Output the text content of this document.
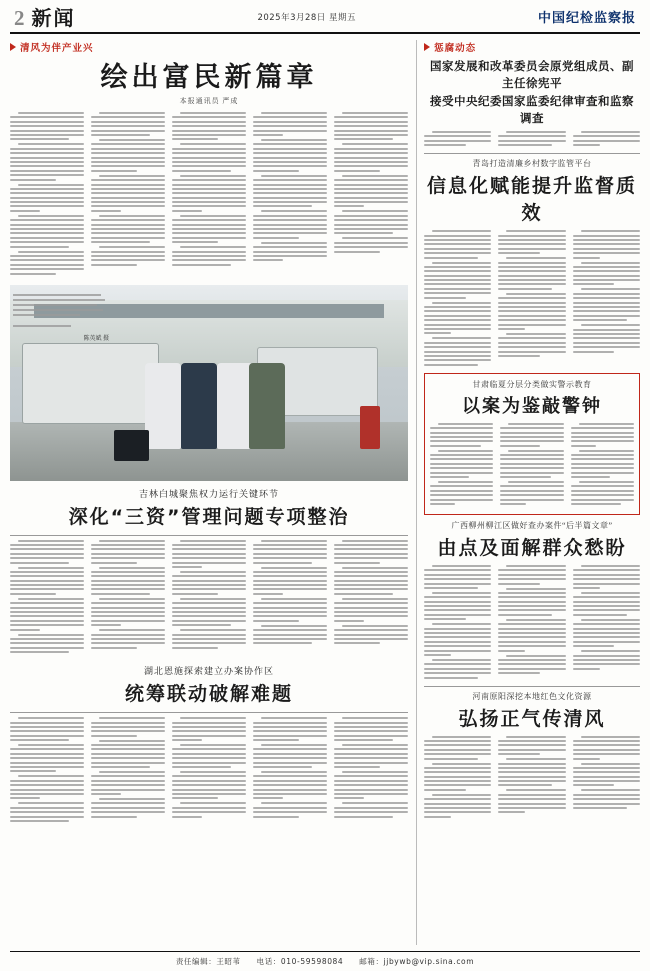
2 新闻	2025年3月28日 星期五	中国纪检监察报
清风为伴产业兴
绘出富民新篇章
本报通讯员 严成
陈英斌 摄
吉林白城聚焦权力运行关键环节
深化“三资”管理问题专项整治
湖北恩施探索建立办案协作区
统筹联动破解难题
惩腐动态
国家发展和改革委员会原党组成员、副主任徐宪平
接受中央纪委国家监委纪律审查和监察调查
青岛打造清廉乡村数字监管平台
信息化赋能提升监督质效
甘肃临夏分层分类做实警示教育
以案为鉴敲警钟
广西柳州柳江区做好查办案件“后半篇文章”
由点及面解群众愁盼
河南原阳深挖本地红色文化资源
弘扬正气传清风
责任编辑：王昭苇 电话：010-59598084 邮箱：jjbywb@vip.sina.com
